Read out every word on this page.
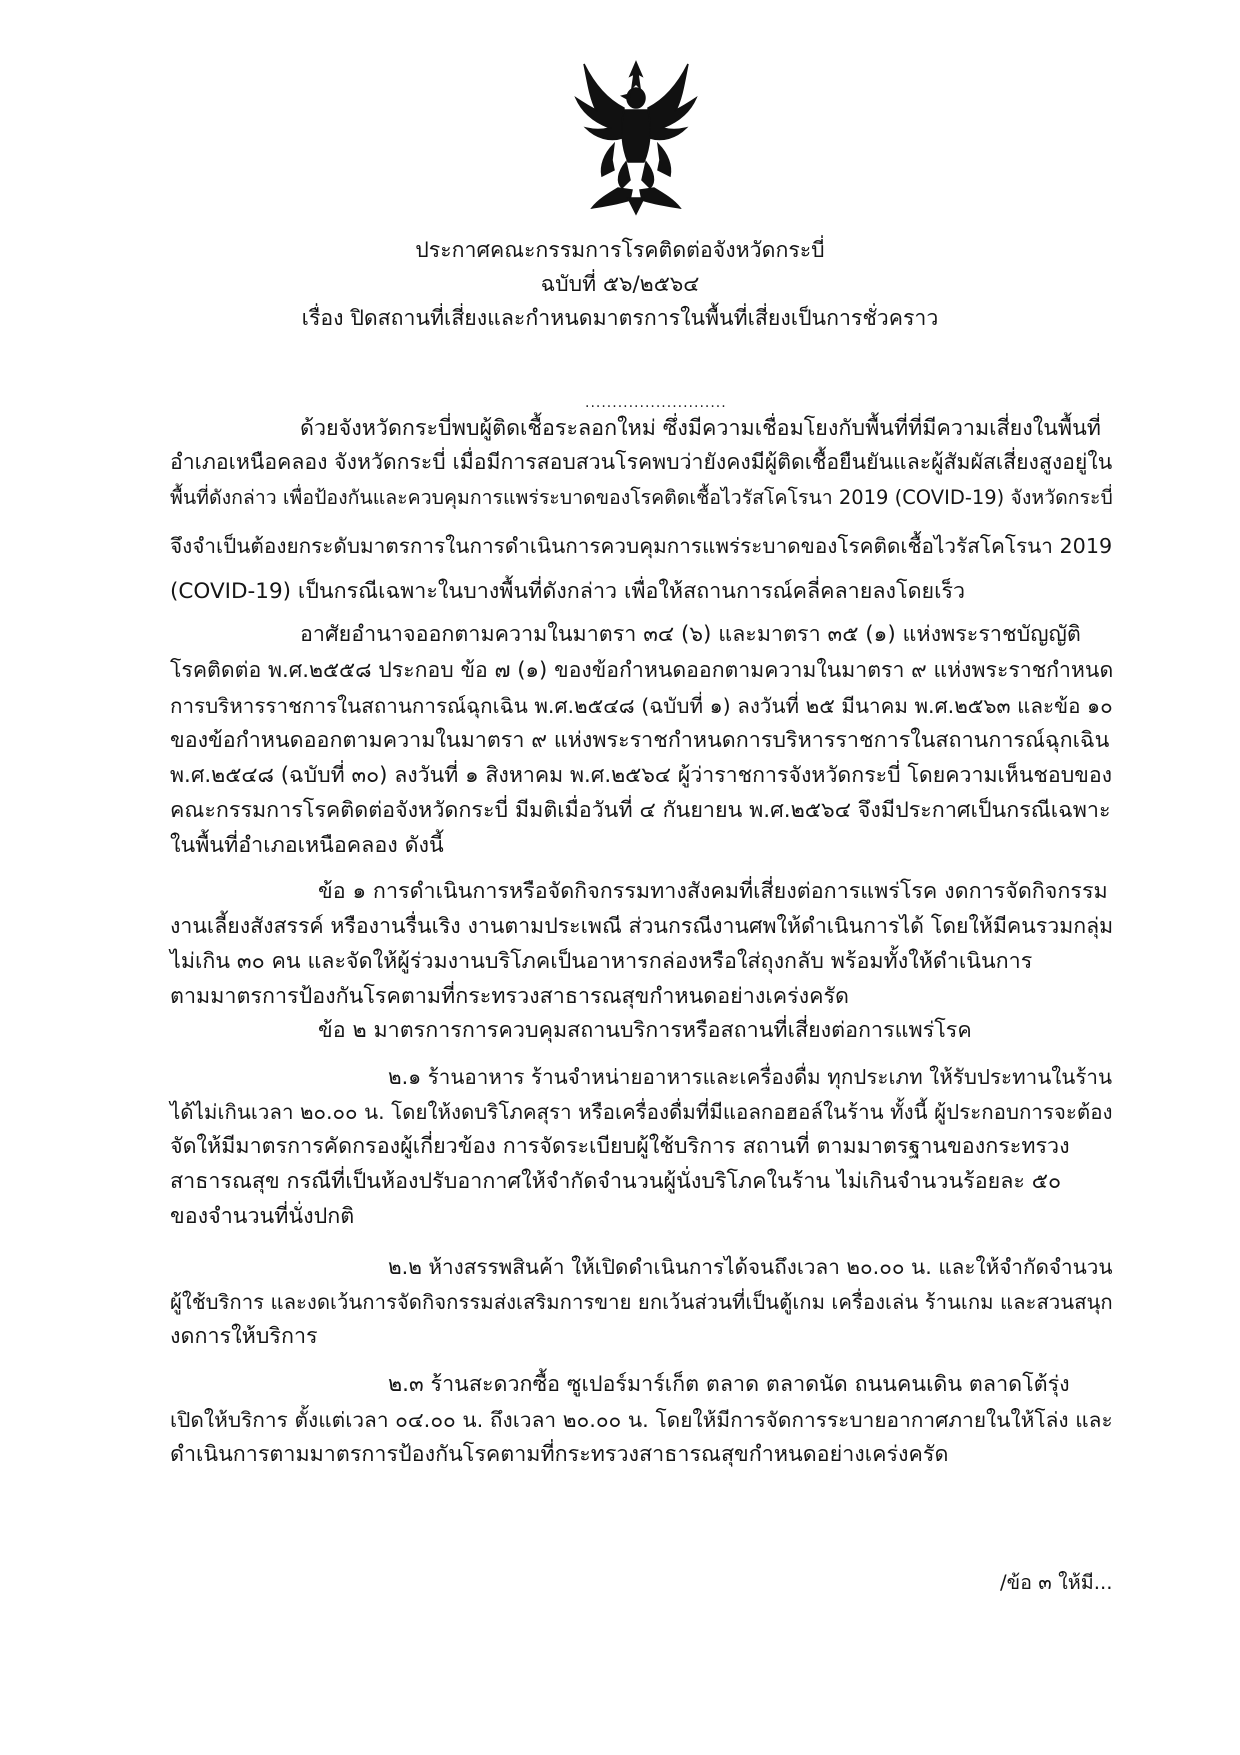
ประกาศคณะกรรมการโรคติดต่อจังหวัดกระบี่
ฉบับที่ ๕๖/๒๕๖๔
เรื่อง ปิดสถานที่เสี่ยงและกำหนดมาตรการในพื้นที่เสี่ยงเป็นการชั่วคราว
..........................
ด้วยจังหวัดกระบี่พบผู้ติดเชื้อระลอกใหม่ ซึ่งมีความเชื่อมโยงกับพื้นที่ที่มีความเสี่ยงในพื้นที่
อำเภอเหนือคลอง จังหวัดกระบี่ เมื่อมีการสอบสวนโรคพบว่ายังคงมีผู้ติดเชื้อยืนยันและผู้สัมผัสเสี่ยงสูงอยู่ใน
พื้นที่ดังกล่าว เพื่อป้องกันและควบคุมการแพร่ระบาดของโรคติดเชื้อไวรัสโคโรนา 2019 (COVID-19) จังหวัดกระบี่
จึงจำเป็นต้องยกระดับมาตรการในการดำเนินการควบคุมการแพร่ระบาดของโรคติดเชื้อไวรัสโคโรนา 2019
(COVID-19) เป็นกรณีเฉพาะในบางพื้นที่ดังกล่าว เพื่อให้สถานการณ์คลี่คลายลงโดยเร็ว
อาศัยอำนาจออกตามความในมาตรา ๓๔ (๖) และมาตรา ๓๕ (๑) แห่งพระราชบัญญัติ
โรคติดต่อ พ.ศ.๒๕๕๘ ประกอบ ข้อ ๗ (๑) ของข้อกำหนดออกตามความในมาตรา ๙ แห่งพระราชกำหนด
การบริหารราชการในสถานการณ์ฉุกเฉิน พ.ศ.๒๕๔๘ (ฉบับที่ ๑) ลงวันที่ ๒๕ มีนาคม พ.ศ.๒๕๖๓ และข้อ ๑๐
ของข้อกำหนดออกตามความในมาตรา ๙ แห่งพระราชกำหนดการบริหารราชการในสถานการณ์ฉุกเฉิน
พ.ศ.๒๕๔๘ (ฉบับที่ ๓๐) ลงวันที่ ๑ สิงหาคม พ.ศ.๒๕๖๔ ผู้ว่าราชการจังหวัดกระบี่ โดยความเห็นชอบของ
คณะกรรมการโรคติดต่อจังหวัดกระบี่ มีมติเมื่อวันที่ ๔ กันยายน พ.ศ.๒๕๖๔ จึงมีประกาศเป็นกรณีเฉพาะ
ในพื้นที่อำเภอเหนือคลอง ดังนี้
ข้อ ๑ การดำเนินการหรือจัดกิจกรรมทางสังคมที่เสี่ยงต่อการแพร่โรค งดการจัดกิจกรรม
งานเลี้ยงสังสรรค์ หรืองานรื่นเริง งานตามประเพณี ส่วนกรณีงานศพให้ดำเนินการได้ โดยให้มีคนรวมกลุ่ม
ไม่เกิน ๓๐ คน และจัดให้ผู้ร่วมงานบริโภคเป็นอาหารกล่องหรือใส่ถุงกลับ พร้อมทั้งให้ดำเนินการ
ตามมาตรการป้องกันโรคตามที่กระทรวงสาธารณสุขกำหนดอย่างเคร่งครัด
ข้อ ๒ มาตรการการควบคุมสถานบริการหรือสถานที่เสี่ยงต่อการแพร่โรค
๒.๑ ร้านอาหาร ร้านจำหน่ายอาหารและเครื่องดื่ม ทุกประเภท ให้รับประทานในร้าน
ได้ไม่เกินเวลา ๒๐.๐๐ น. โดยให้งดบริโภคสุรา หรือเครื่องดื่มที่มีแอลกอฮอล์ในร้าน ทั้งนี้ ผู้ประกอบการจะต้อง
จัดให้มีมาตรการคัดกรองผู้เกี่ยวข้อง การจัดระเบียบผู้ใช้บริการ สถานที่ ตามมาตรฐานของกระทรวง
สาธารณสุข กรณีที่เป็นห้องปรับอากาศให้จำกัดจำนวนผู้นั่งบริโภคในร้าน ไม่เกินจำนวนร้อยละ ๕๐
ของจำนวนที่นั่งปกติ
๒.๒ ห้างสรรพสินค้า ให้เปิดดำเนินการได้จนถึงเวลา ๒๐.๐๐ น. และให้จำกัดจำนวน
ผู้ใช้บริการ และงดเว้นการจัดกิจกรรมส่งเสริมการขาย ยกเว้นส่วนที่เป็นตู้เกม เครื่องเล่น ร้านเกม และสวนสนุก
งดการให้บริการ
๒.๓ ร้านสะดวกซื้อ ซูเปอร์มาร์เก็ต ตลาด ตลาดนัด ถนนคนเดิน ตลาดโต้รุ่ง
เปิดให้บริการ ตั้งแต่เวลา ๐๔.๐๐ น. ถึงเวลา ๒๐.๐๐ น. โดยให้มีการจัดการระบายอากาศภายในให้โล่ง และ
ดำเนินการตามมาตรการป้องกันโรคตามที่กระทรวงสาธารณสุขกำหนดอย่างเคร่งครัด
/ข้อ ๓ ให้มี...
